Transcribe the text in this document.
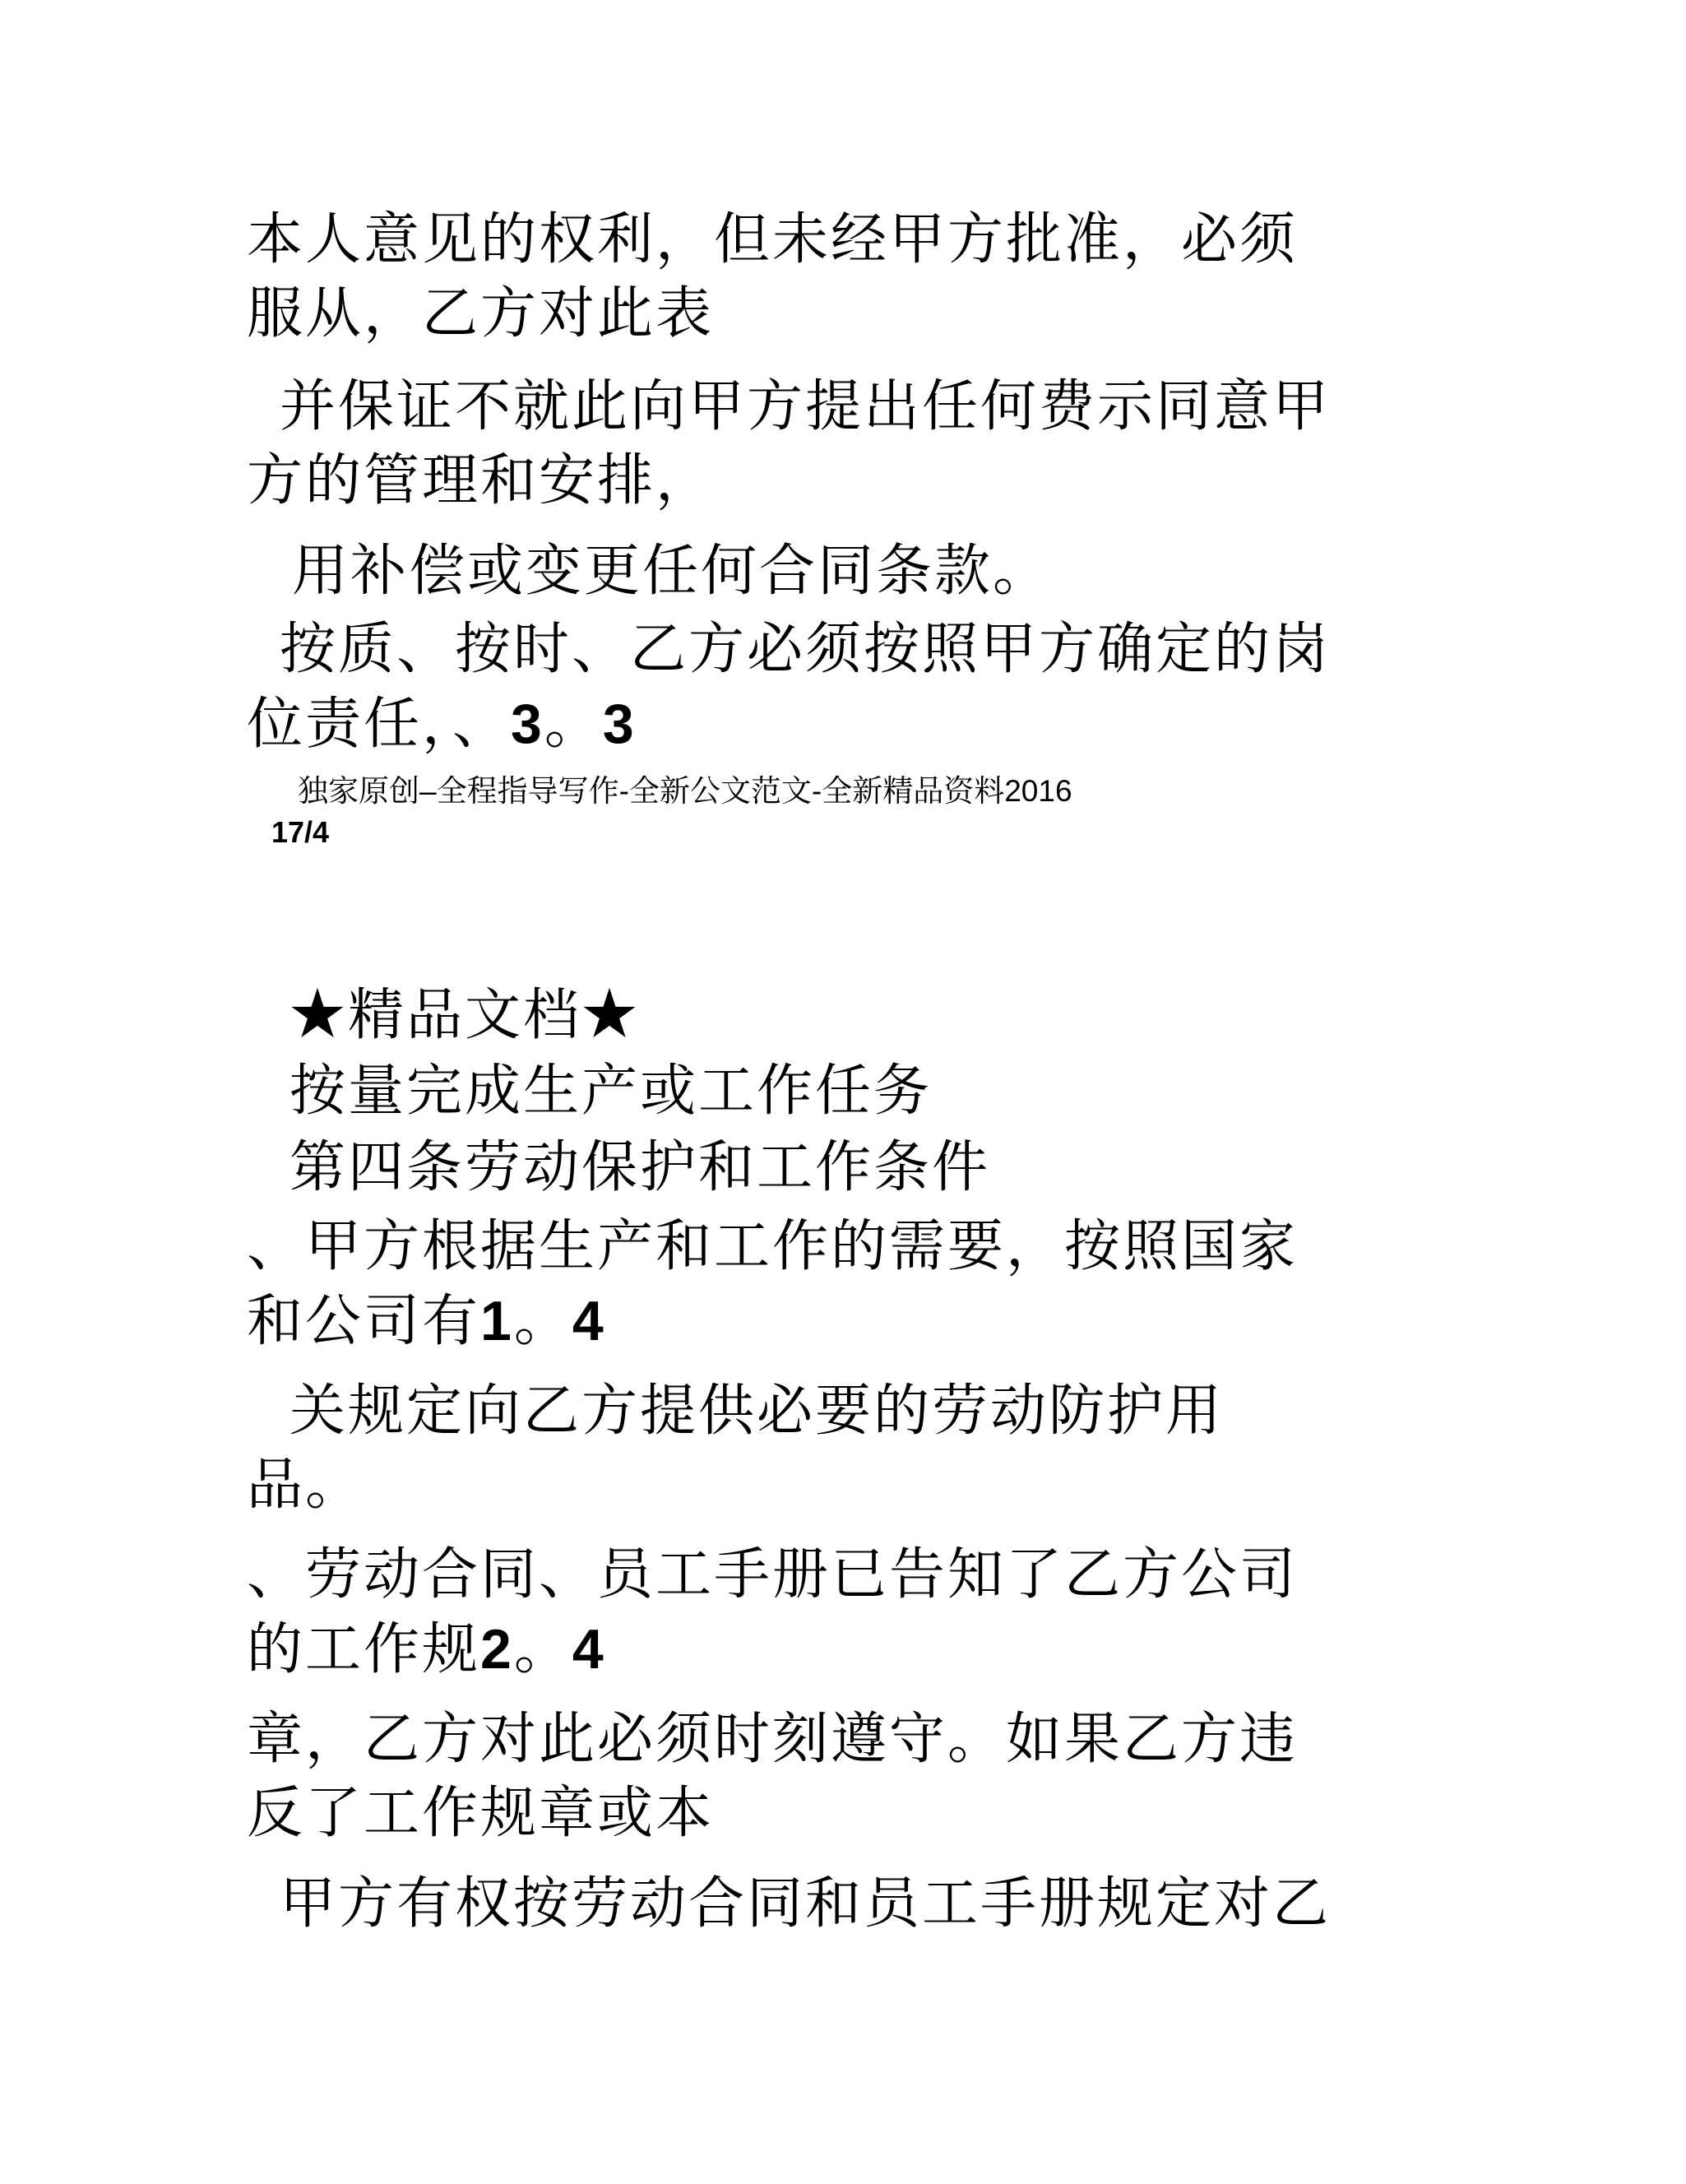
本人意见的权利，但未经甲方批准，必须
服从，乙方对此表
并保证不就此向甲方提出任何费示同意甲
方的管理和安排，
用补偿或变更任何合同条款。
按质、按时、乙方必须按照甲方确定的岗
位责任，、3。3
独家原创–全程指导写作-全新公文范文-全新精品资料2016
17/4
★精品文档★
按量完成生产或工作任务
第四条劳动保护和工作条件
、甲方根据生产和工作的需要，按照国家
和公司有1。4
关规定向乙方提供必要的劳动防护用
品。
、劳动合同、员工手册已告知了乙方公司
的工作规2。4
章，乙方对此必须时刻遵守。如果乙方违
反了工作规章或本
甲方有权按劳动合同和员工手册规定对乙
